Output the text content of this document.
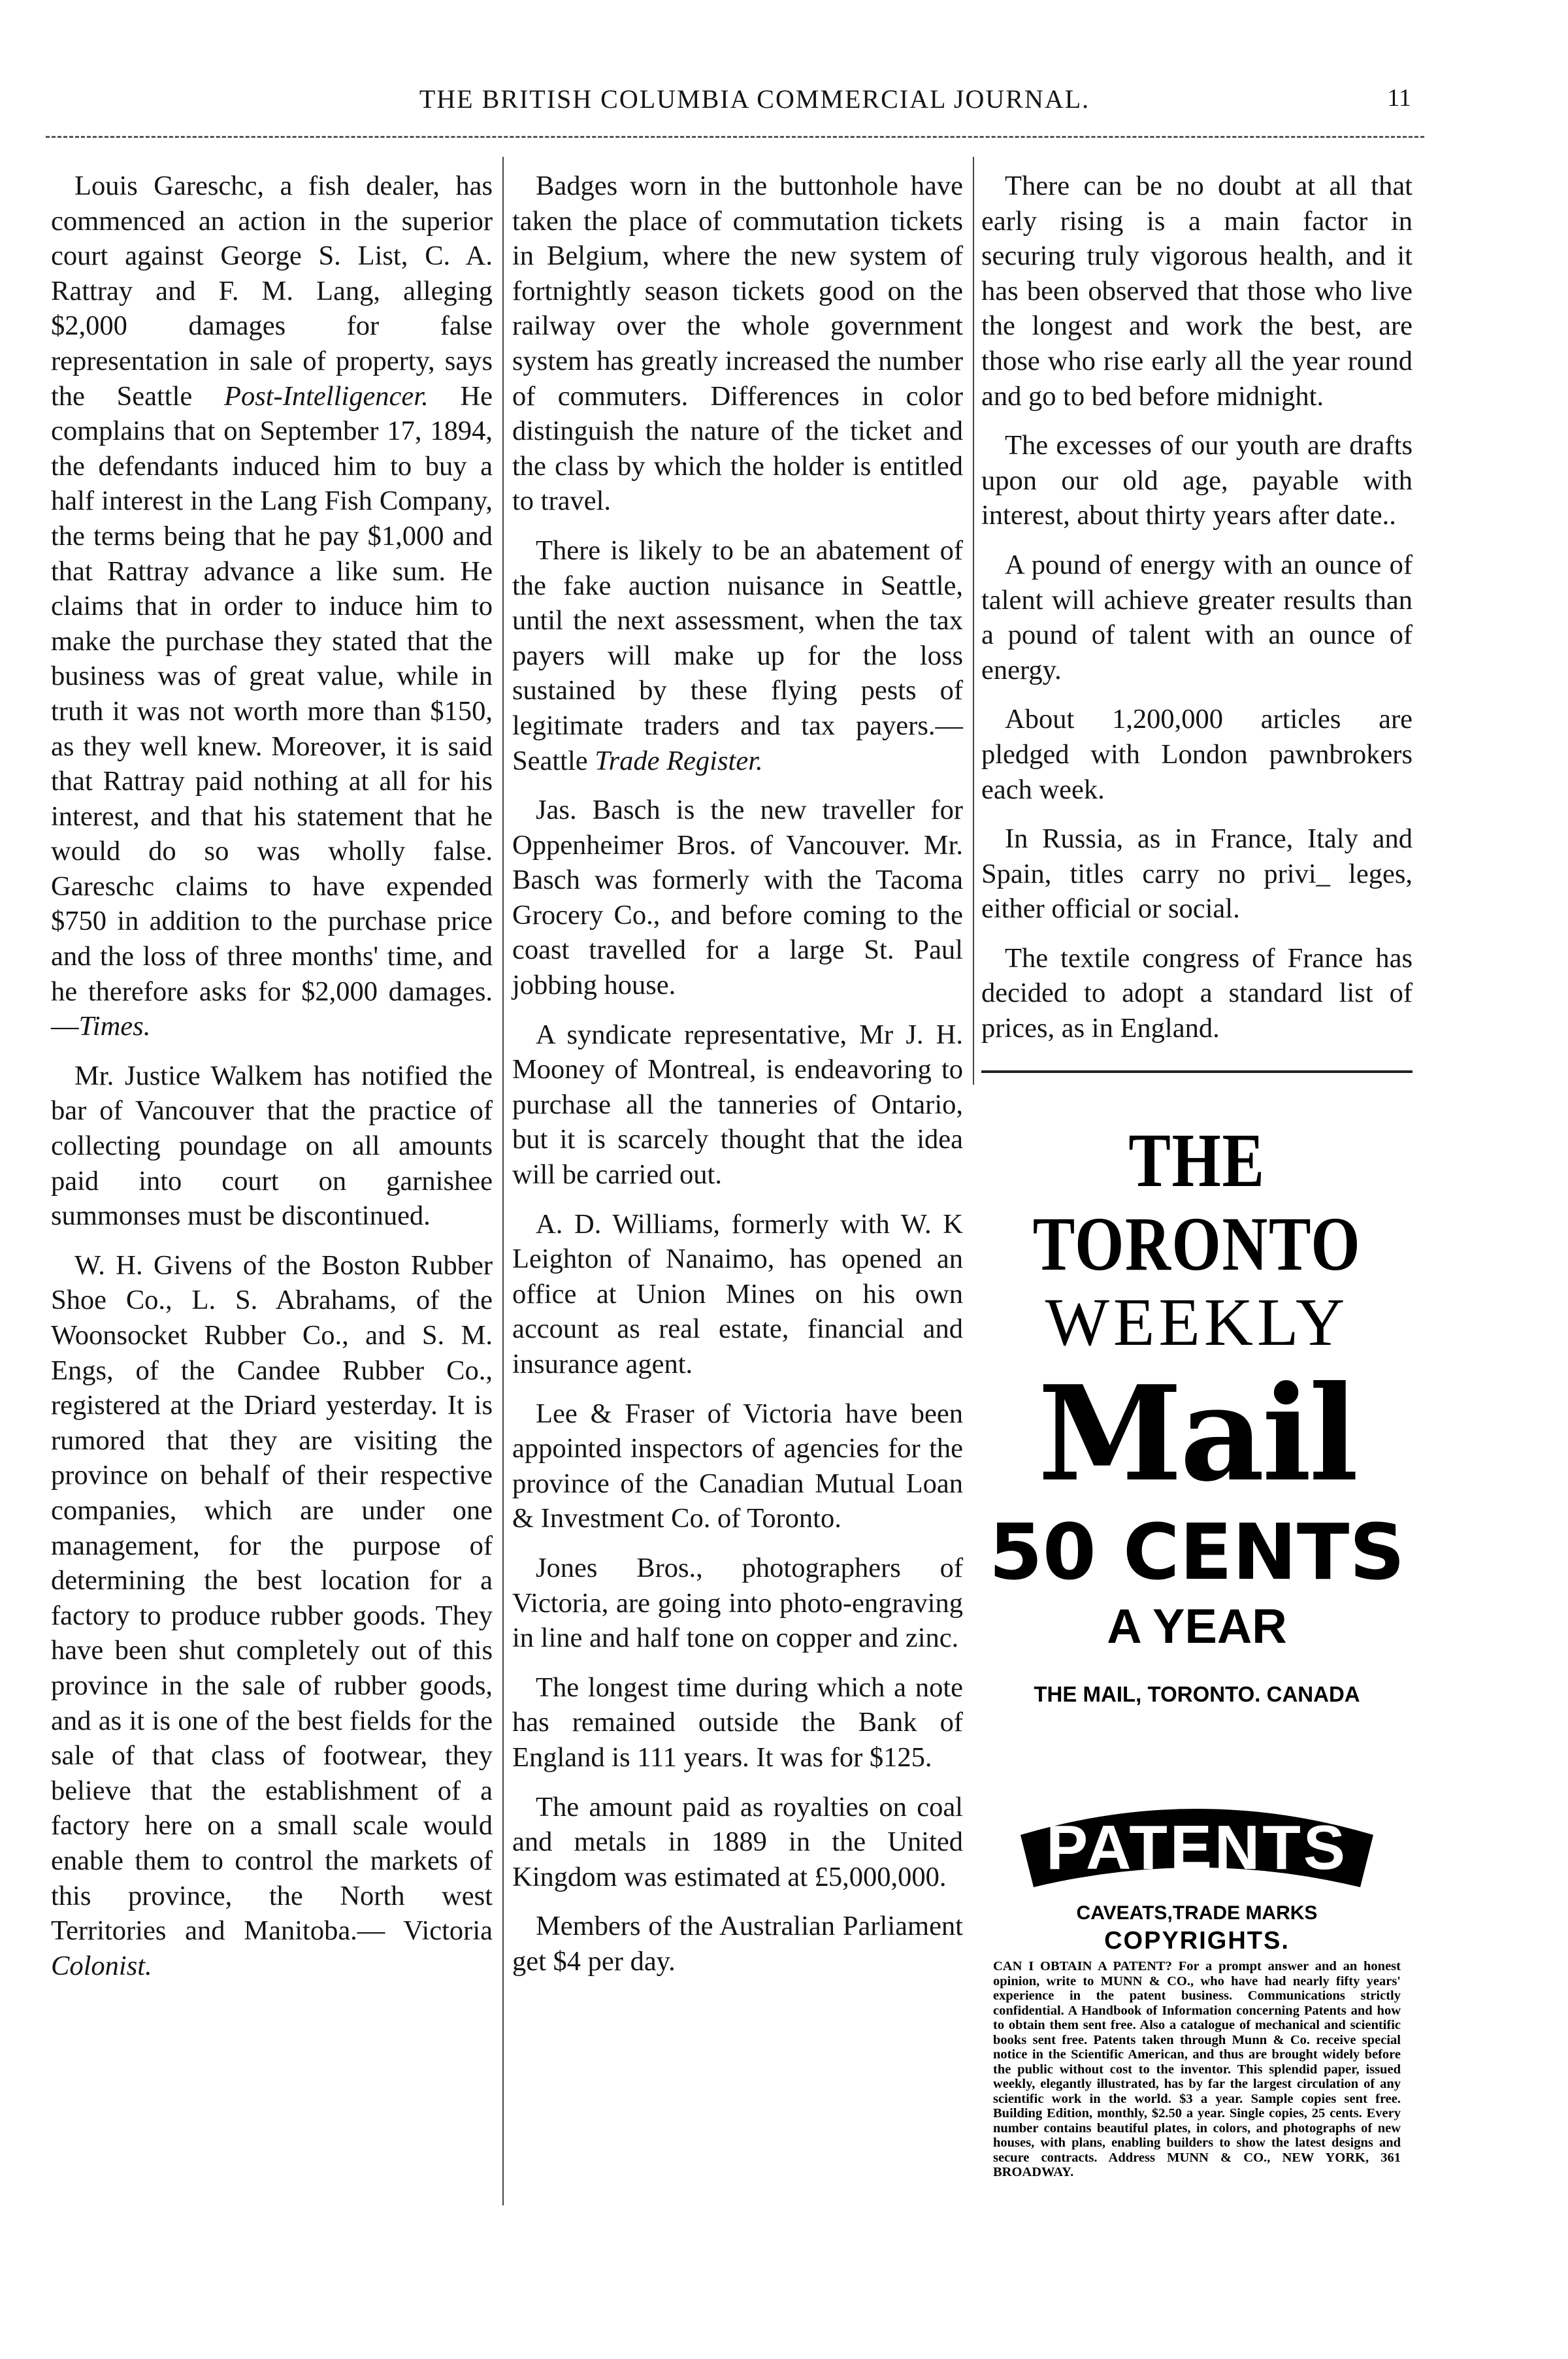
THE BRITISH COLUMBIA COMMERCIAL JOURNAL.	11

Louis Gareschc, a fish dealer, has commenced an action in the superior court against George S. List, C. A. Rattray and F. M. Lang, alleging $2,000 damages for false representation in sale of property, says the Seattle Post-Intelligencer. He complains that on September 17, 1894, the defendants induced him to buy a half interest in the Lang Fish Company, the terms being that he pay $1,000 and that Rattray advance a like sum. He claims that in order to induce him to make the purchase they stated that the business was of great value, while in truth it was not worth more than $150, as they well knew. Moreover, it is said that Rattray paid nothing at all for his interest, and that his statement that he would do so was wholly false. Gareschc claims to have expended $750 in addition to the purchase price and the loss of three months' time, and he therefore asks for $2,000 damages.—Times.

Mr. Justice Walkem has notified the bar of Vancouver that the practice of collecting poundage on all amounts paid into court on garnishee summonses must be discontinued.

W. H. Givens of the Boston Rubber Shoe Co., L. S. Abrahams, of the Woonsocket Rubber Co., and S. M. Engs, of the Candee Rubber Co., registered at the Driard yesterday. It is rumored that they are visiting the province on behalf of their respective companies, which are under one management, for the purpose of determining the best location for a factory to produce rubber goods. They have been shut completely out of this province in the sale of rubber goods, and as it is one of the best fields for the sale of that class of footwear, they believe that the establishment of a factory here on a small scale would enable them to control the markets of this province, the North west Territories and Manitoba.— Victoria Colonist.

Badges worn in the buttonhole have taken the place of commutation tickets in Belgium, where the new system of fortnightly season tickets good on the railway over the whole government system has greatly increased the number of commuters. Differences in color distinguish the nature of the ticket and the class by which the holder is entitled to travel.

There is likely to be an abatement of the fake auction nuisance in Seattle, until the next assessment, when the tax payers will make up for the loss sustained by these flying pests of legitimate traders and tax payers.—Seattle Trade Register.

Jas. Basch is the new traveller for Oppenheimer Bros. of Vancouver. Mr. Basch was formerly with the Tacoma Grocery Co., and before coming to the coast travelled for a large St. Paul jobbing house.

A syndicate representative, Mr J. H. Mooney of Montreal, is endeavoring to purchase all the tanneries of Ontario, but it is scarcely thought that the idea will be carried out.

A. D. Williams, formerly with W. K Leighton of Nanaimo, has opened an office at Union Mines on his own account as real estate, financial and insurance agent.

Lee & Fraser of Victoria have been appointed inspectors of agencies for the province of the Canadian Mutual Loan & Investment Co. of Toronto.

Jones Bros., photographers of Victoria, are going into photo-engraving in line and half tone on copper and zinc.

The longest time during which a note has remained outside the Bank of England is 111 years. It was for $125.

The amount paid as royalties on coal and metals in 1889 in the United Kingdom was estimated at £5,000,000.

Members of the Australian Parliament get $4 per day.

There can be no doubt at all that early rising is a main factor in securing truly vigorous health, and it has been observed that those who live the longest and work the best, are those who rise early all the year round and go to bed before midnight.

The excesses of our youth are drafts upon our old age, payable with interest, about thirty years after date..

A pound of energy with an ounce of talent will achieve greater results than a pound of talent with an ounce of energy.

About 1,200,000 articles are pledged with London pawnbrokers each week.

In Russia, as in France, Italy and Spain, titles carry no privi_ leges, either official or social.

The textile congress of France has decided to adopt a standard list of prices, as in England.

THE TORONTO
WEEKLY
Mail
50 CENTS
A YEAR
THE MAIL, TORONTO. CANADA
PATENTS
CAVEATS,TRADE MARKS
COPYRIGHTS.
CAN I OBTAIN A PATENT? For a prompt answer and an honest opinion, write to MUNN & CO., who have had nearly fifty years' experience in the patent business. Communications strictly confidential. A Handbook of Information concerning Patents and how to obtain them sent free. Also a catalogue of mechanical and scientific books sent free. Patents taken through Munn & Co. receive special notice in the Scientific American, and thus are brought widely before the public without cost to the inventor. This splendid paper, issued weekly, elegantly illustrated, has by far the largest circulation of any scientific work in the world. $3 a year. Sample copies sent free. Building Edition, monthly, $2.50 a year. Single copies, 25 cents. Every number contains beautiful plates, in colors, and photographs of new houses, with plans, enabling builders to show the latest designs and secure contracts. Address MUNN & CO., NEW YORK, 361 BROADWAY.
